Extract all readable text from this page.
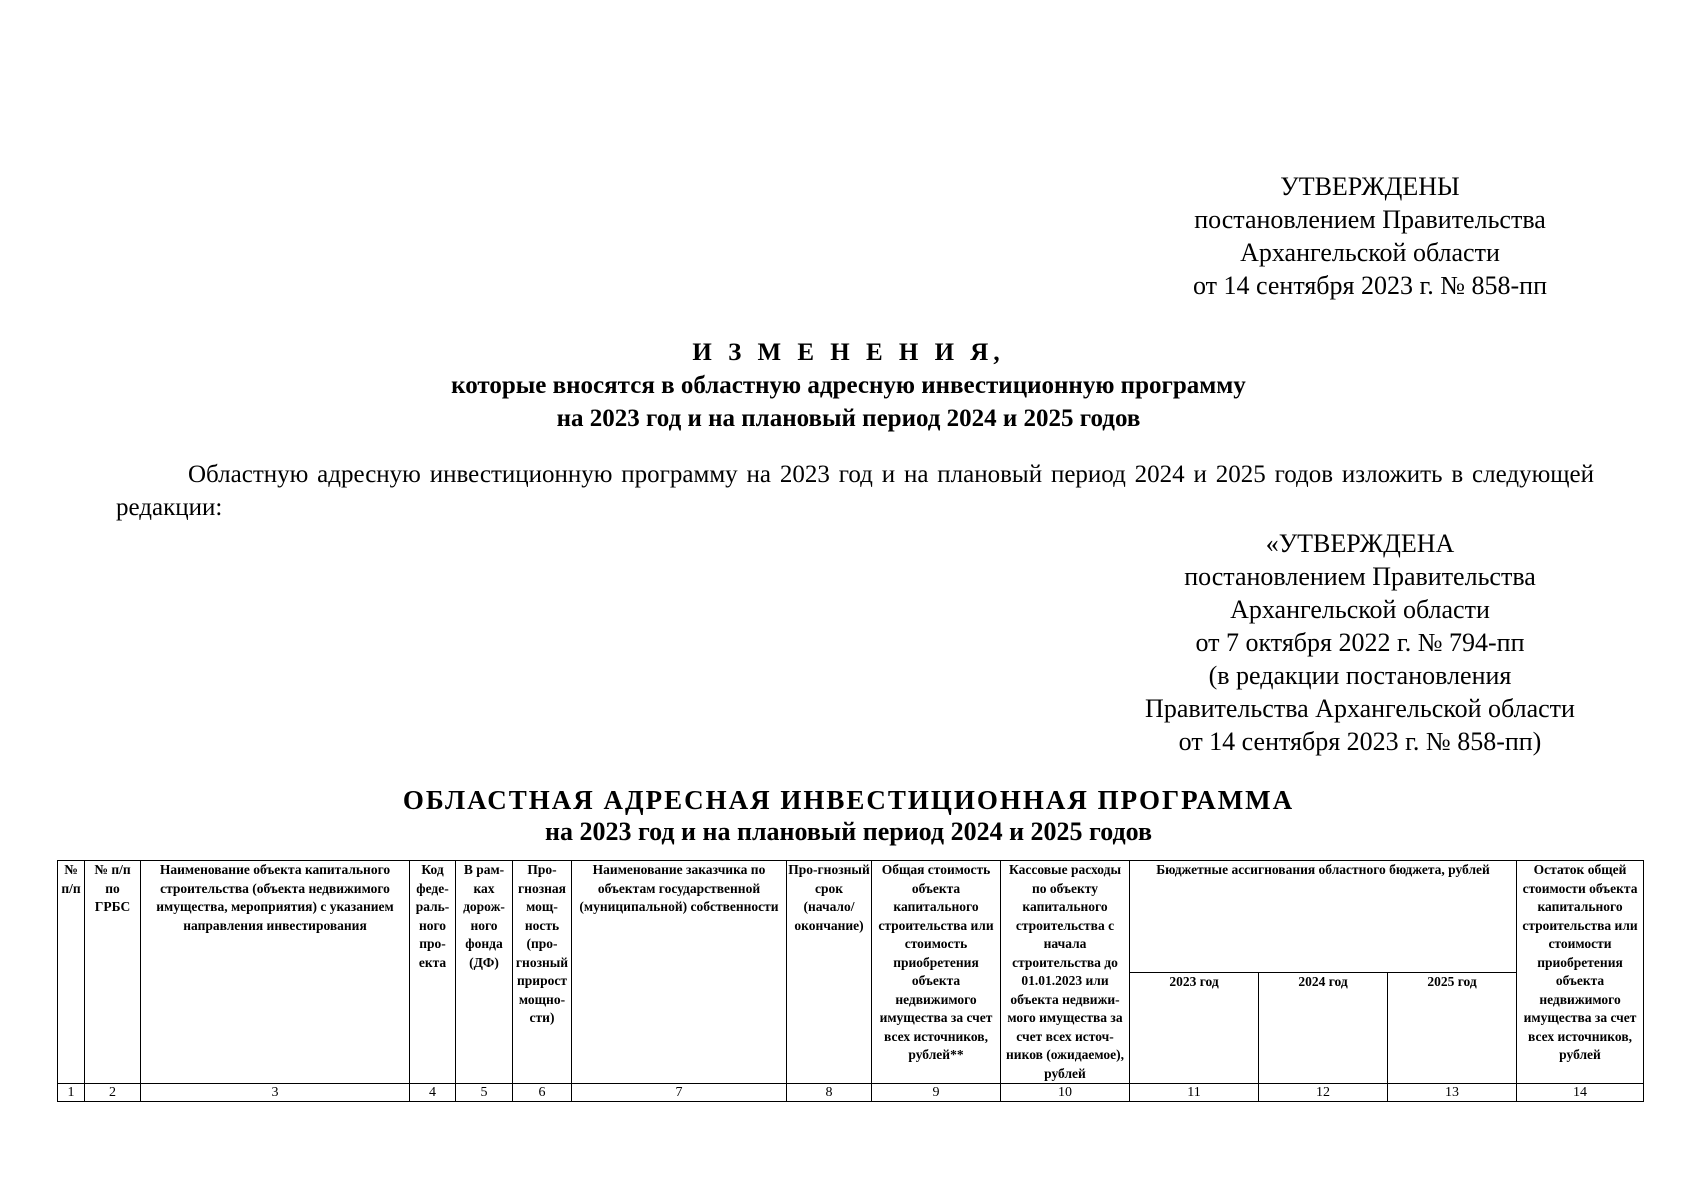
УТВЕРЖДЕНЫ
постановлением Правительства
Архангельской области
от 14 сентября 2023 г. № 858-пп
И З М Е Н Е Н И Я,
которые вносятся в областную адресную инвестиционную программу
на 2023 год и на плановый период 2024 и 2025 годов
Областную адресную инвестиционную программу на 2023 год и на плановый период 2024 и 2025 годов изложить в следующей редакции:
«УТВЕРЖДЕНА
постановлением Правительства
Архангельской области
от 7 октября 2022 г. № 794-пп
(в редакции постановления
Правительства Архангельской области
от 14 сентября 2023 г. № 858-пп)
ОБЛАСТНАЯ АДРЕСНАЯ ИНВЕСТИЦИОННАЯ ПРОГРАММА
на 2023 год и на плановый период 2024 и 2025 годов
№ п/п	№ п/п по ГРБС	Наименование объекта капитального строительства (объекта недвижимого имущества, мероприятия) с указанием направления инвестирования	Код феде-раль-ного про-екта	В рам-ках дорож-ного фонда (ДФ)	Про-гнозная мощ-ность (про-гнозный прирост мощно-сти)	Наименование заказчика по объектам государственной (муниципальной) собственности	Про-гнозный срок (начало/ окончание)	Общая стоимость объекта капитального строительства или стоимость приобретения объекта недвижимого имущества за счет всех источников, рублей**	Кассовые расходы по объекту капитального строительства с начала строительства до 01.01.2023 или объекта недвижи-мого имущества за счет всех источ-ников (ожидаемое), рублей	Бюджетные ассигнования областного бюджета, рублей			Остаток общей стоимости объекта капитального строительства или стоимости приобретения объекта недвижимого имущества за счет всех источников, рублей
										2023 год	2024 год	2025 год	
1	2	3	4	5	6	7	8	9	10	11	12	13	14
